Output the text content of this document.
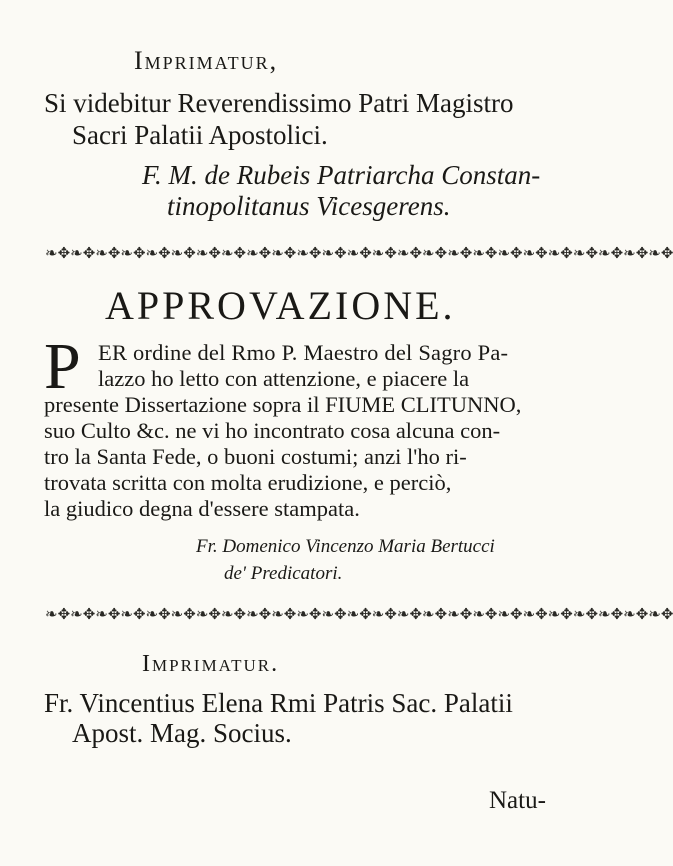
Imprimatur,
Si videbitur Reverendissimo Patri Magistro
Sacri Palatii Apostolici.
F. M. de Rubeis Patriarcha Constan-
tinopolitanus Vicesgerens.
❧✥❧✥❧✥❧✥❧✥❧✥❧✥❧✥❧✥❧✥❧✥❧✥❧✥❧✥❧✥❧✥❧✥❧✥❧✥❧✥❧✥❧✥❧✥❧✥❧✥
APPROVAZIONE.
P ER ordine del Rmo P. Maestro del Sagro Pa-
lazzo ho letto con attenzione, e piacere la
presente Dissertazione sopra il FIUME CLITUNNO,
suo Culto &c. ne vi ho incontrato cosa alcuna con-
tro la Santa Fede, o buoni costumi; anzi l'ho ri-
trovata scritta con molta erudizione, e perciò,
la giudico degna d'essere stampata.
Fr. Domenico Vincenzo Maria Bertucci
de' Predicatori.
❧✥❧✥❧✥❧✥❧✥❧✥❧✥❧✥❧✥❧✥❧✥❧✥❧✥❧✥❧✥❧✥❧✥❧✥❧✥❧✥❧✥❧✥❧✥❧✥❧✥
Imprimatur.
Fr. Vincentius Elena Rmi Patris Sac. Palatii
Apost. Mag. Socius.
Natu-
